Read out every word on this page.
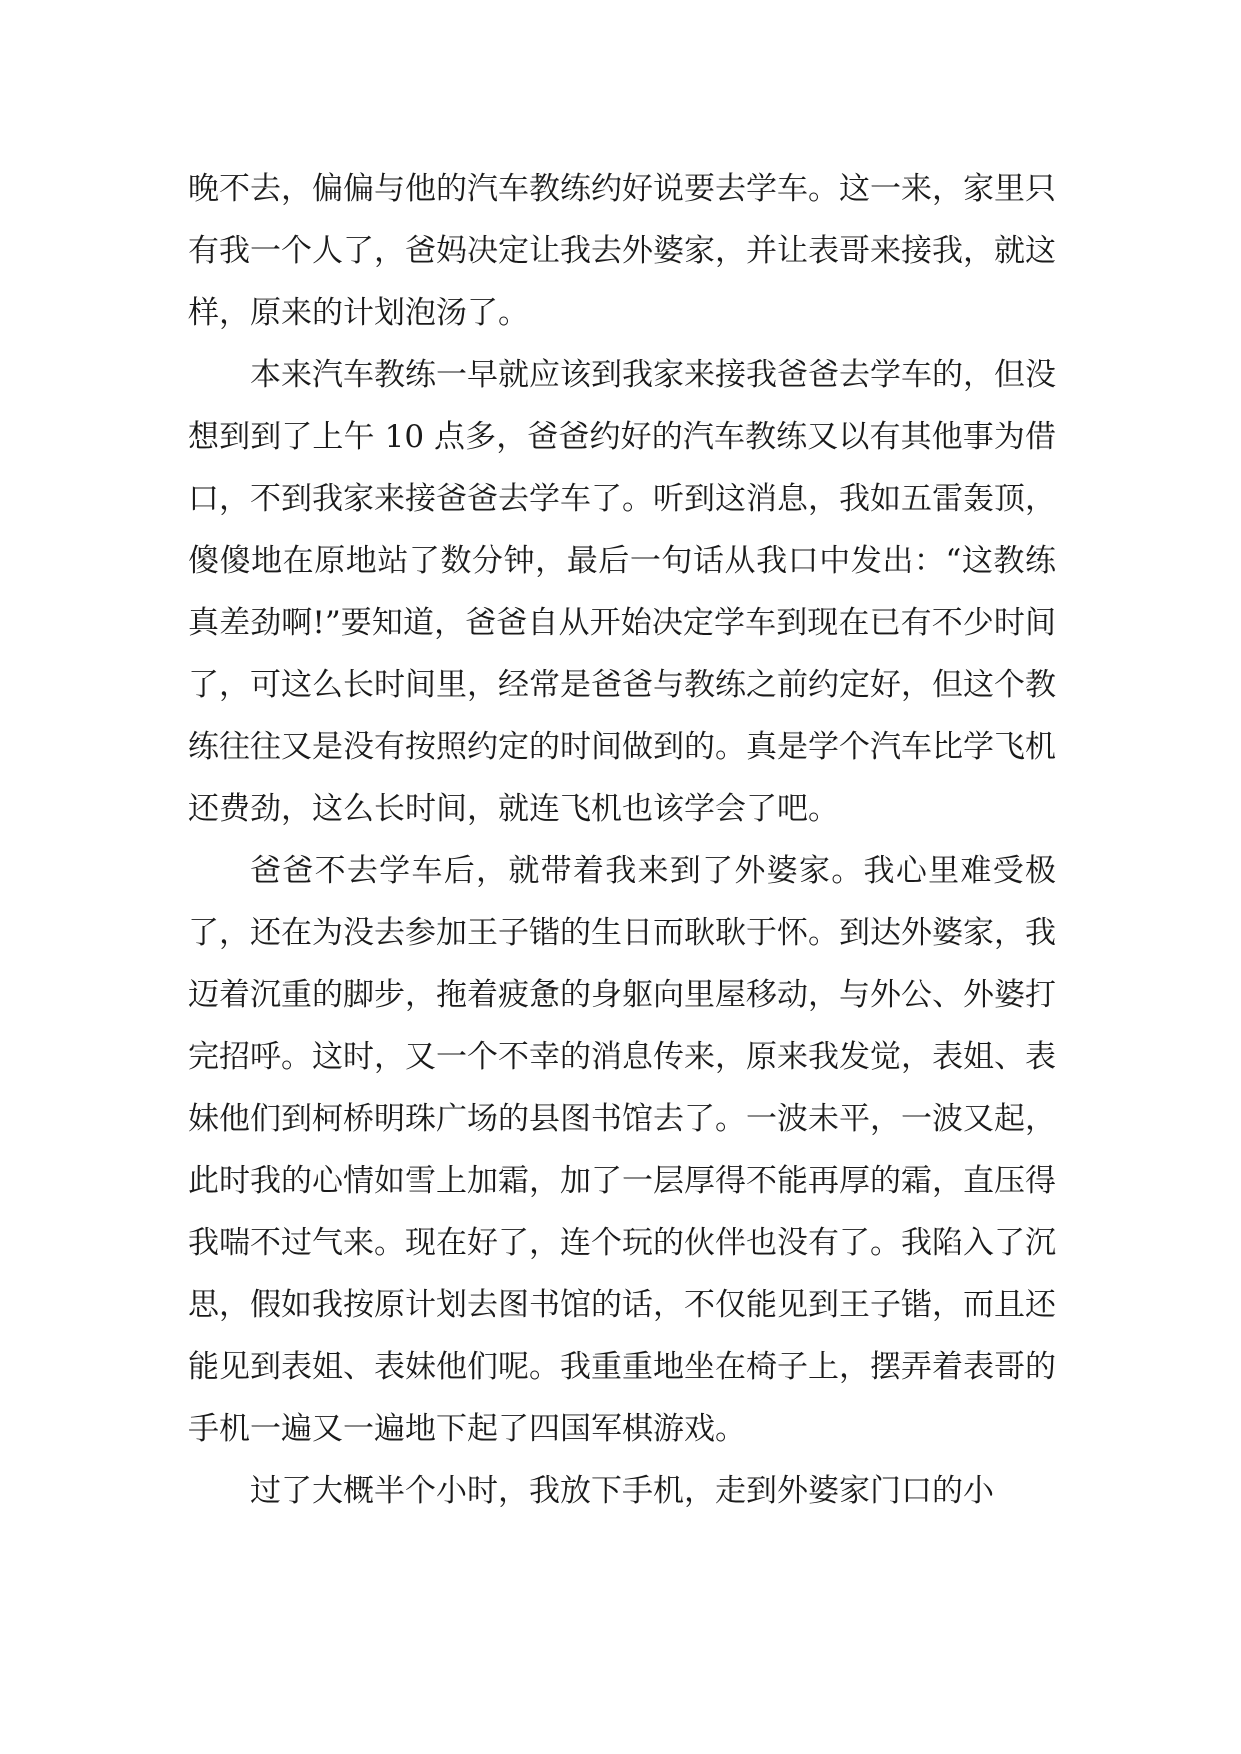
晚不去，偏偏与他的汽车教练约好说要去学车。这一来，家里只有我一个人了，爸妈决定让我去外婆家，并让表哥来接我，就这样，原来的计划泡汤了。

本来汽车教练一早就应该到我家来接我爸爸去学车的，但没想到到了上午 10 点多，爸爸约好的汽车教练又以有其他事为借口，不到我家来接爸爸去学车了。听到这消息，我如五雷轰顶，傻傻地在原地站了数分钟，最后一句话从我口中发出：“这教练真差劲啊!”要知道，爸爸自从开始决定学车到现在已有不少时间了，可这么长时间里，经常是爸爸与教练之前约定好，但这个教练往往又是没有按照约定的时间做到的。真是学个汽车比学飞机还费劲，这么长时间，就连飞机也该学会了吧。

爸爸不去学车后，就带着我来到了外婆家。我心里难受极了，还在为没去参加王子锴的生日而耿耿于怀。到达外婆家，我迈着沉重的脚步，拖着疲惫的身躯向里屋移动，与外公、外婆打完招呼。这时，又一个不幸的消息传来，原来我发觉，表姐、表妹他们到柯桥明珠广场的县图书馆去了。一波未平，一波又起，此时我的心情如雪上加霜，加了一层厚得不能再厚的霜，直压得我喘不过气来。现在好了，连个玩的伙伴也没有了。我陷入了沉思，假如我按原计划去图书馆的话，不仅能见到王子锴，而且还能见到表姐、表妹他们呢。我重重地坐在椅子上，摆弄着表哥的手机一遍又一遍地下起了四国军棋游戏。

过了大概半个小时，我放下手机，走到外婆家门口的小
